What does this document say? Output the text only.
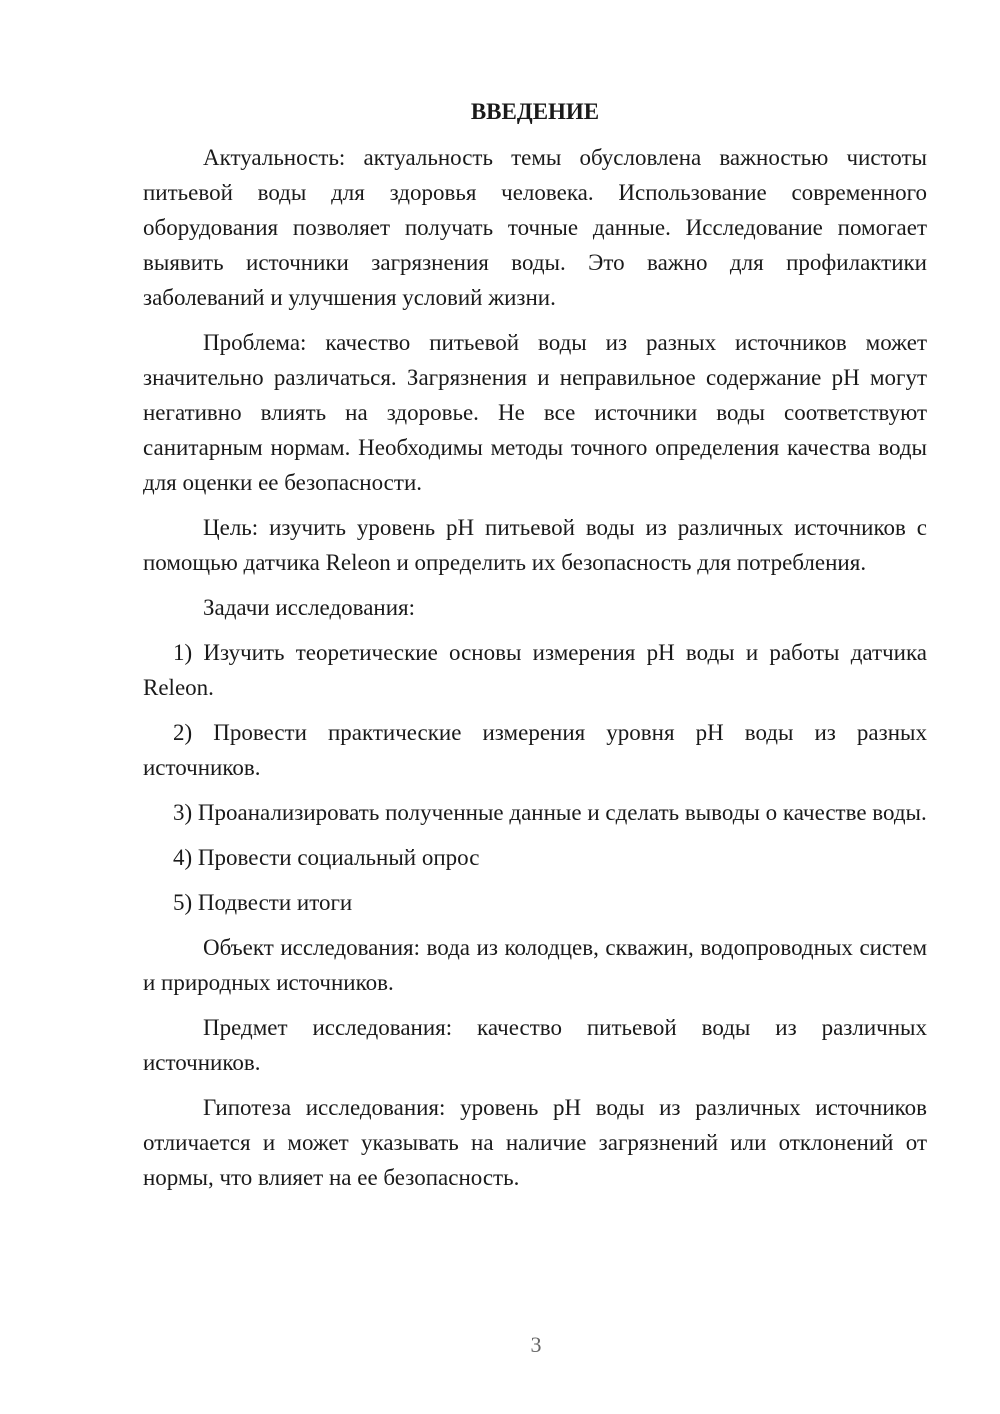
ВВЕДЕНИЕ

Актуальность: актуальность темы обусловлена важностью чистоты питьевой воды для здоровья человека. Использование современного оборудования позволяет получать точные данные. Исследование помогает выявить источники загрязнения воды. Это важно для профилактики заболеваний и улучшения условий жизни.

Проблема: качество питьевой воды из разных источников может значительно различаться. Загрязнения и неправильное содержание pH могут негативно влиять на здоровье. Не все источники воды соответствуют санитарным нормам. Необходимы методы точного определения качества воды для оценки ее безопасности.

Цель: изучить уровень pH питьевой воды из различных источников с помощью датчика Releon и определить их безопасность для потребления.

Задачи исследования:

1) Изучить теоретические основы измерения pH воды и работы датчика Releon.

2) Провести практические измерения уровня pH воды из разных источников.

3) Проанализировать полученные данные и сделать выводы о качестве воды.

4) Провести социальный опрос

5) Подвести итоги

Объект исследования: вода из колодцев, скважин, водопроводных систем и природных источников.

Предмет исследования: качество питьевой воды из различных источников.

Гипотеза исследования: уровень pH воды из различных источников отличается и может указывать на наличие загрязнений или отклонений от нормы, что влияет на ее безопасность.

3
